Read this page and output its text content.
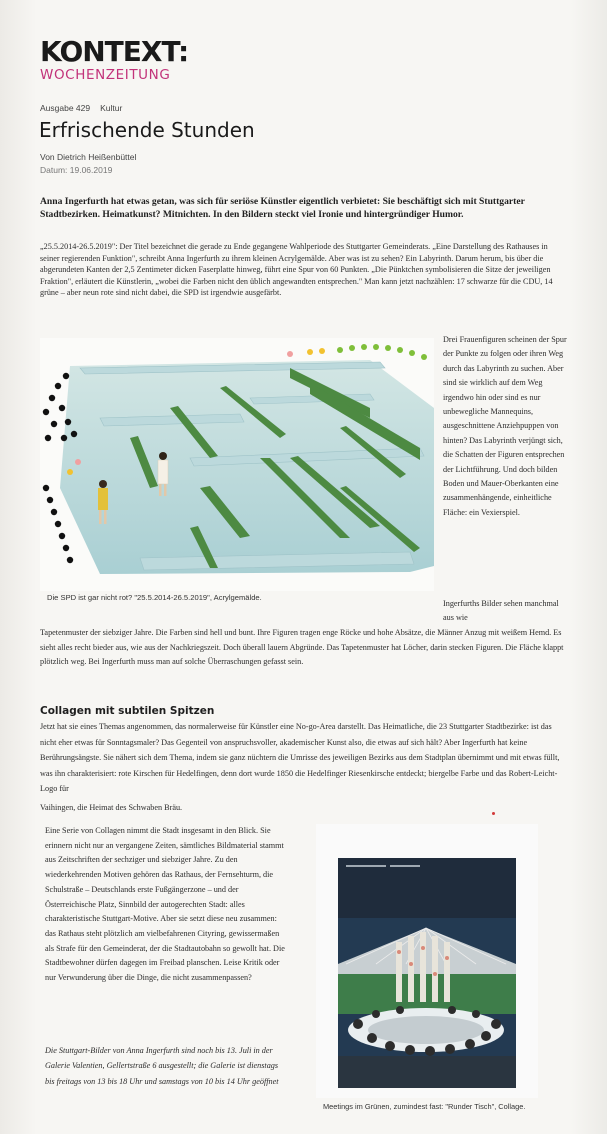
KONTEXT:
WOCHENZEITUNG
Ausgabe 429 Kultur
Erfrischende Stunden
Von Dietrich Heißenbüttel
Datum: 19.06.2019
Anna Ingerfurth hat etwas getan, was sich für seriöse Künstler eigentlich verbietet: Sie beschäftigt sich mit Stuttgarter Stadtbezirken. Heimatkunst? Mitnichten. In den Bildern steckt viel Ironie und hintergründiger Humor.
„25.5.2014-26.5.2019": Der Titel bezeichnet die gerade zu Ende gegangene Wahlperiode des Stuttgarter Gemeinderats. „Eine Darstellung des Rathauses in seiner regierenden Funktion", schreibt Anna Ingerfurth zu ihrem kleinen Acrylgemälde. Aber was ist zu sehen? Ein Labyrinth. Darum herum, bis über die abgerundeten Kanten der 2,5 Zentimeter dicken Faserplatte hinweg, führt eine Spur von 60 Punkten. „Die Pünktchen symbolisieren die Sitze der jeweiligen Fraktion", erläutert die Künstlerin, „wobei die Farben nicht den üblich angewandten entsprechen." Man kann jetzt nachzählen: 17 schwarze für die CDU, 14 grüne – aber neun rote sind nicht dabei, die SPD ist irgendwie ausgefärbt.
Die SPD ist gar nicht rot? "25.5.2014-26.5.2019", Acrylgemälde.
Drei Frauenfiguren scheinen der Spur der Punkte zu folgen oder ihren Weg durch das Labyrinth zu suchen. Aber sind sie wirklich auf dem Weg irgendwo hin oder sind es nur unbewegliche Mannequins, ausgeschnittene Anziehpuppen von hinten? Das Labyrinth verjüngt sich, die Schatten der Figuren entsprechen der Lichtführung. Und doch bilden Boden und Mauer-Oberkanten eine zusammenhängende, einheitliche Fläche: ein Vexierspiel.
Ingerfurths Bilder sehen manchmal aus wie
Tapetenmuster der siebziger Jahre. Die Farben sind hell und bunt. Ihre Figuren tragen enge Röcke und hohe Absätze, die Männer Anzug mit weißem Hemd. Es sieht alles recht bieder aus, wie aus der Nachkriegszeit. Doch überall lauern Abgründe. Das Tapetenmuster hat Löcher, darin stecken Figuren. Die Fläche klappt plötzlich weg. Bei Ingerfurth muss man auf solche Überraschungen gefasst sein.
Collagen mit subtilen Spitzen
Jetzt hat sie eines Themas angenommen, das normalerweise für Künstler eine No-go-Area darstellt. Das Heimatliche, die 23 Stuttgarter Stadtbezirke: ist das nicht eher etwas für Sonntagsmaler? Das Gegenteil von anspruchsvoller, akademischer Kunst also, die etwas auf sich hält? Aber Ingerfurth hat keine Berührungsängste. Sie nähert sich dem Thema, indem sie ganz nüchtern die Umrisse des jeweiligen Bezirks aus dem Stadtplan übernimmt und mit etwas füllt, was ihn charakterisiert: rote Kirschen für Hedelfingen, denn dort wurde 1850 die Hedelfinger Riesenkirsche entdeckt; biergelbe Farbe und das Robert-Leicht-Logo für
Vaihingen, die Heimat des Schwaben Bräu.
Eine Serie von Collagen nimmt die Stadt insgesamt in den Blick. Sie erinnern nicht nur an vergangene Zeiten, sämtliches Bildmaterial stammt aus Zeitschriften der sechziger und siebziger Jahre. Zu den wiederkehrenden Motiven gehören das Rathaus, der Fernsehturm, die Schulstraße – Deutschlands erste Fußgängerzone – und der Österreichische Platz, Sinnbild der autogerechten Stadt: alles charakteristische Stuttgart-Motive. Aber sie setzt diese neu zusammen: das Rathaus steht plötzlich am vielbefahrenen Cityring, gewissermaßen als Strafe für den Gemeinderat, der die Stadtautobahn so gewollt hat. Die Stadtbewohner dürfen dagegen im Freibad planschen. Leise Kritik oder nur Verwunderung über die Dinge, die nicht zusammenpassen?
Die Stuttgart-Bilder von Anna Ingerfurth sind noch bis 13. Juli in der Galerie Valentien, Gellertstraße 6 ausgestellt; die Galerie ist dienstags bis freitags von 13 bis 18 Uhr und samstags von 10 bis 14 Uhr geöffnet
Meetings im Grünen, zumindest fast: "Runder Tisch", Collage.
